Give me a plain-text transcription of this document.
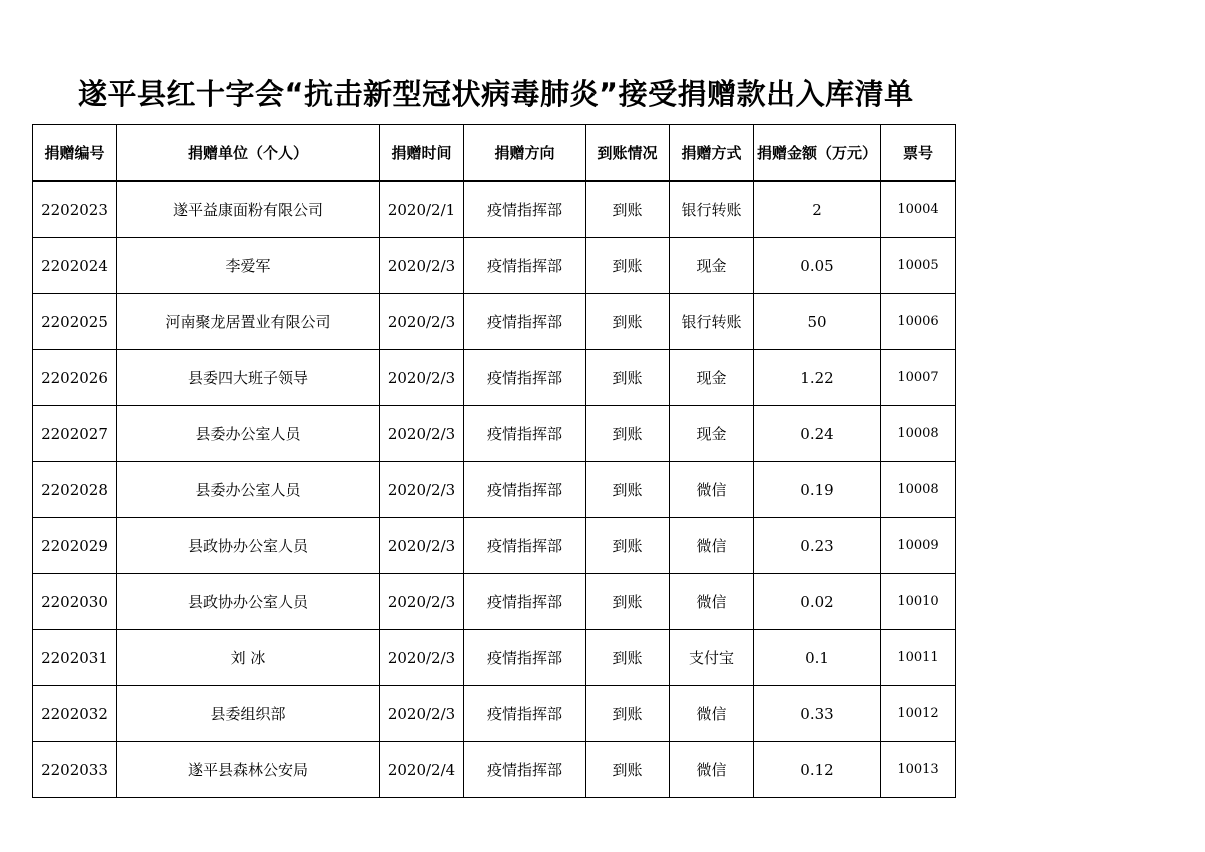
遂平县红十字会“抗击新型冠状病毒肺炎”接受捐赠款出入库清单
捐赠编号	捐赠单位（个人）	捐赠时间	捐赠方向	到账情况	捐赠方式	捐赠金额（万元）	票号
2202023	遂平益康面粉有限公司	2020/2/1	疫情指挥部	到账	银行转账	2	10004
2202024	李爱军	2020/2/3	疫情指挥部	到账	现金	0.05	10005
2202025	河南聚龙居置业有限公司	2020/2/3	疫情指挥部	到账	银行转账	50	10006
2202026	县委四大班子领导	2020/2/3	疫情指挥部	到账	现金	1.22	10007
2202027	县委办公室人员	2020/2/3	疫情指挥部	到账	现金	0.24	10008
2202028	县委办公室人员	2020/2/3	疫情指挥部	到账	微信	0.19	10008
2202029	县政协办公室人员	2020/2/3	疫情指挥部	到账	微信	0.23	10009
2202030	县政协办公室人员	2020/2/3	疫情指挥部	到账	微信	0.02	10010
2202031	刘 冰	2020/2/3	疫情指挥部	到账	支付宝	0.1	10011
2202032	县委组织部	2020/2/3	疫情指挥部	到账	微信	0.33	10012
2202033	遂平县森林公安局	2020/2/4	疫情指挥部	到账	微信	0.12	10013
